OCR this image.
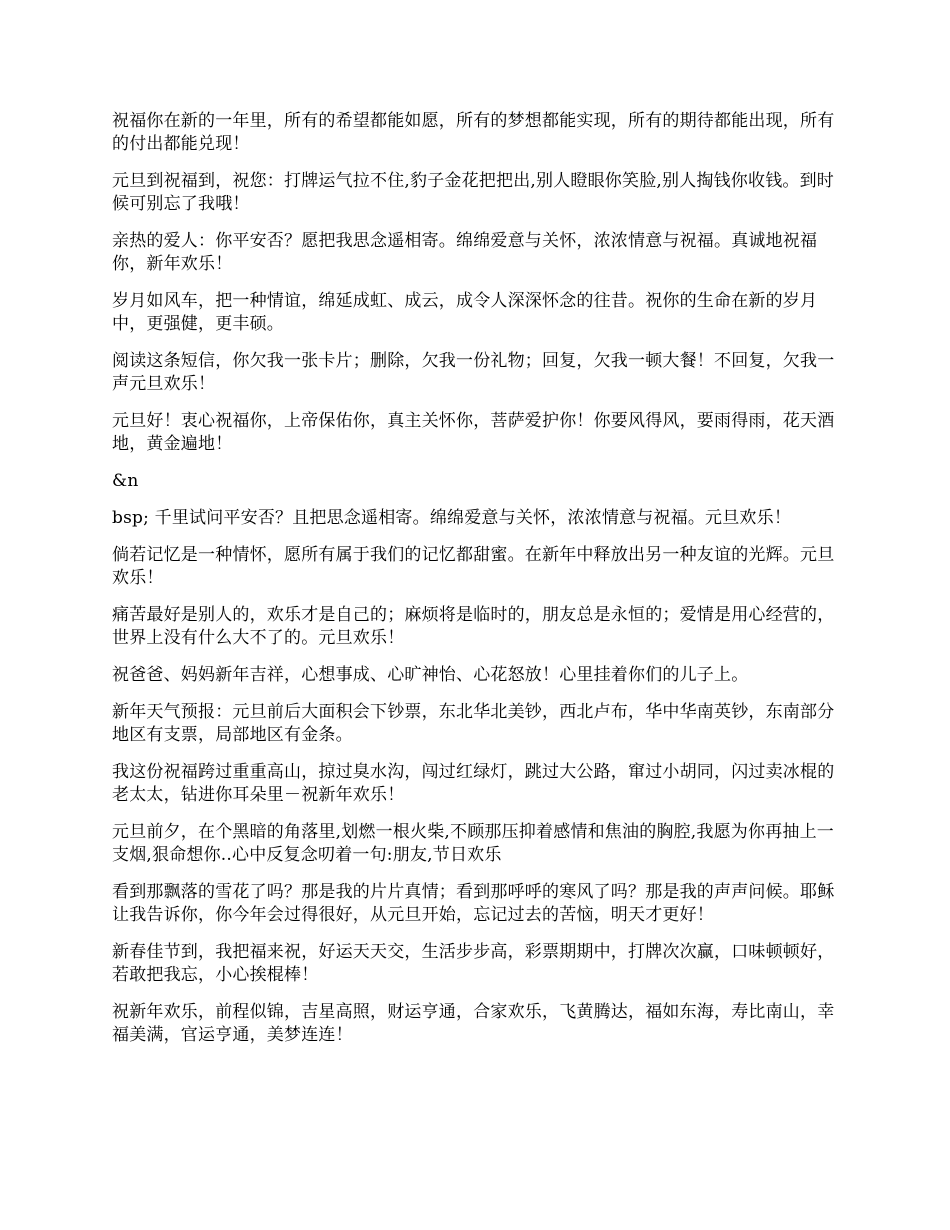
祝福你在新的一年里，所有的希望都能如愿，所有的梦想都能实现，所有的期待都能出现，所有的付出都能兑现！

元旦到祝福到，祝您：打牌运气拉不住,豹子金花把把出,别人瞪眼你笑脸,别人掏钱你收钱。到时候可别忘了我哦！

亲热的爱人：你平安否？愿把我思念遥相寄。绵绵爱意与关怀，浓浓情意与祝福。真诚地祝福你，新年欢乐！

岁月如风车，把一种情谊，绵延成虹、成云，成令人深深怀念的往昔。祝你的生命在新的岁月中，更强健，更丰硕。

阅读这条短信，你欠我一张卡片；删除，欠我一份礼物；回复，欠我一顿大餐！不回复，欠我一声元旦欢乐！

元旦好！衷心祝福你，上帝保佑你，真主关怀你，菩萨爱护你！你要风得风，要雨得雨，花天酒地，黄金遍地！

&n

bsp; 千里试问平安否？且把思念遥相寄。绵绵爱意与关怀，浓浓情意与祝福。元旦欢乐！

倘若记忆是一种情怀，愿所有属于我们的记忆都甜蜜。在新年中释放出另一种友谊的光辉。元旦欢乐！

痛苦最好是别人的，欢乐才是自己的；麻烦将是临时的，朋友总是永恒的；爱情是用心经营的，世界上没有什么大不了的。元旦欢乐！

祝爸爸、妈妈新年吉祥，心想事成、心旷神怡、心花怒放！心里挂着你们的儿子上。

新年天气预报：元旦前后大面积会下钞票，东北华北美钞，西北卢布，华中华南英钞，东南部分地区有支票，局部地区有金条。

我这份祝福跨过重重高山，掠过臭水沟，闯过红绿灯，跳过大公路，窜过小胡同，闪过卖冰棍的老太太，钻进你耳朵里－祝新年欢乐！

元旦前夕，在个黑暗的角落里,划燃一根火柴,不顾那压抑着感情和焦油的胸腔,我愿为你再抽上一支烟,狠命想你..心中反复念叨着一句:朋友,节日欢乐

看到那飘落的雪花了吗？那是我的片片真情；看到那呼呼的寒风了吗？那是我的声声问候。耶稣让我告诉你，你今年会过得很好，从元旦开始，忘记过去的苦恼，明天才更好！

新春佳节到，我把福来祝，好运天天交，生活步步高，彩票期期中，打牌次次赢，口味顿顿好，若敢把我忘，小心挨棍棒！

祝新年欢乐，前程似锦，吉星高照，财运亨通，合家欢乐，飞黄腾达，福如东海，寿比南山，幸福美满，官运亨通，美梦连连！
